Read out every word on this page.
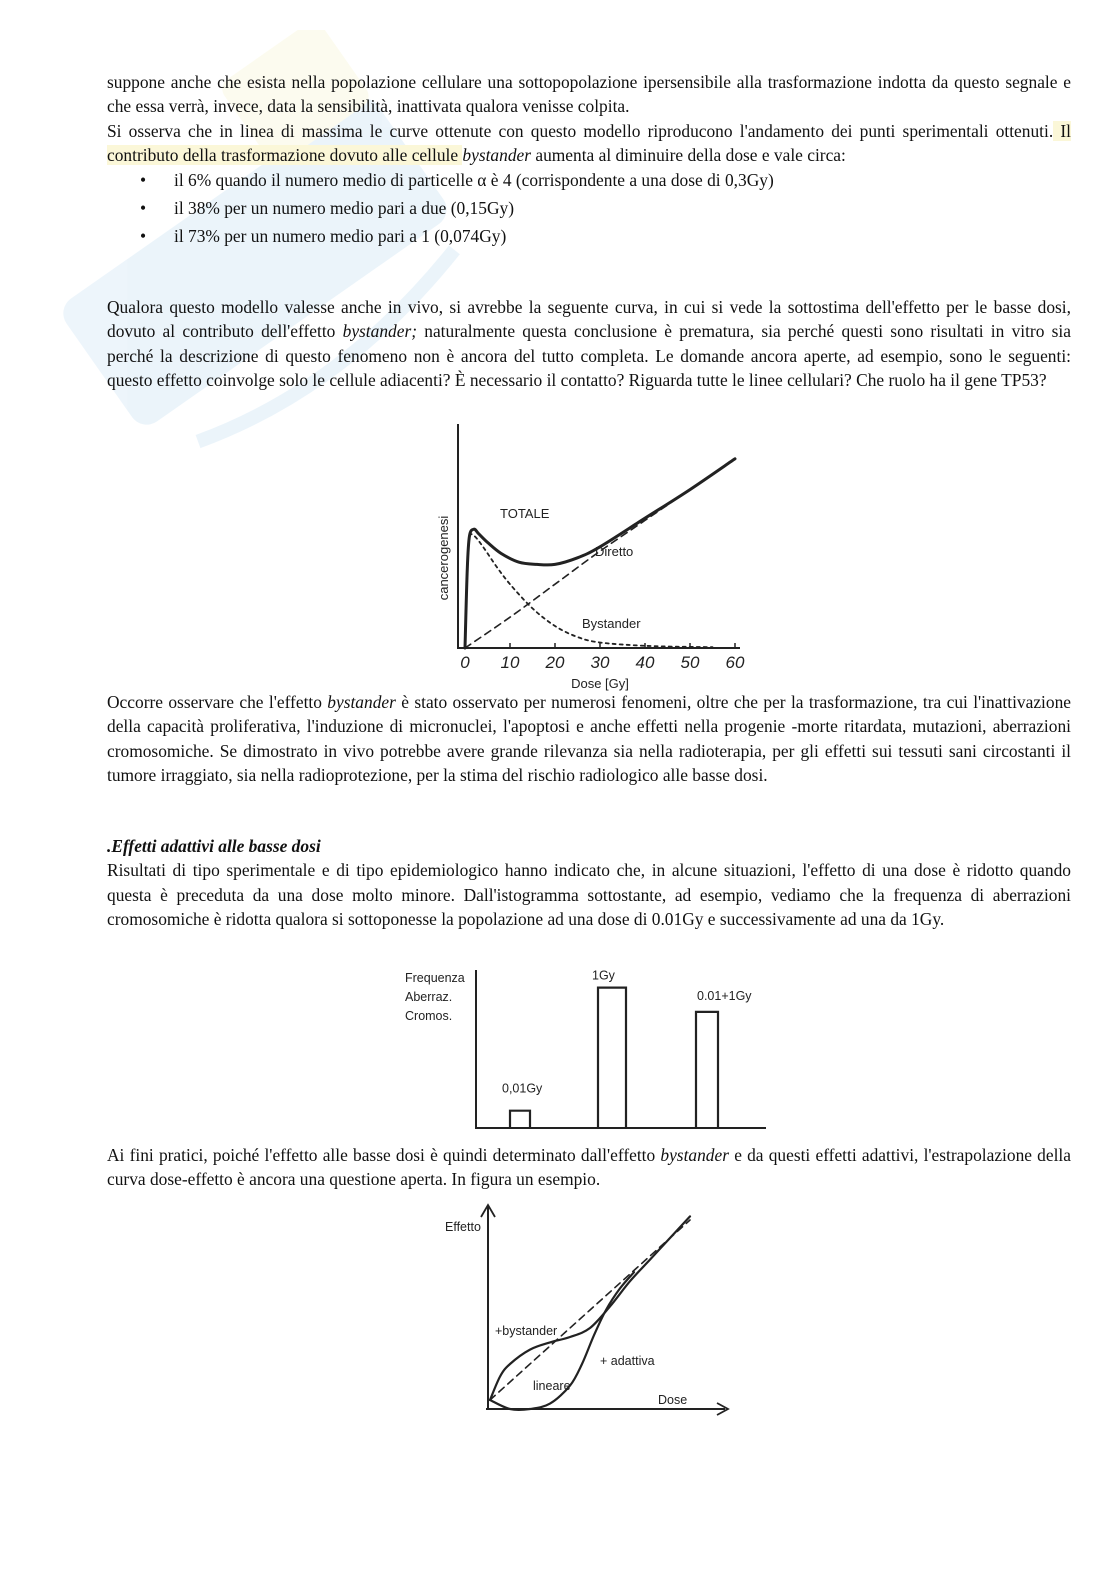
suppone anche che esista nella popolazione cellulare una sottopopolazione ipersensibile alla trasformazione indotta da questo segnale e che essa verrà, invece, data la sensibilità, inattivata qualora venisse colpita.

Si osserva che in linea di massima le curve ottenute con questo modello riproducono l'andamento dei punti sperimentali ottenuti. Il contributo della trasformazione dovuto alle cellule bystander aumenta al diminuire della dose e vale circa:

• il 6% quando il numero medio di particelle α è 4 (corrispondente a una dose di 0,3Gy)
• il 38% per un numero medio pari a due (0,15Gy)
• il 73% per un numero medio pari a 1 (0,074Gy)

Qualora questo modello valesse anche in vivo, si avrebbe la seguente curva, in cui si vede la sottostima dell'effetto per le basse dosi, dovuto al contributo dell'effetto bystander; naturalmente questa conclusione è prematura, sia perché questi sono risultati in vitro sia perché la descrizione di questo fenomeno non è ancora del tutto completa. Le domande ancora aperte, ad esempio, sono le seguenti: questo effetto coinvolge solo le cellule adiacenti? È necessario il contatto? Riguarda tutte le linee cellulari? Che ruolo ha il gene TP53?

0 10 20 30 40 50 60
Dose [Gy]
cancerogenesi
TOTALE
Diretto
Bystander

Occorre osservare che l'effetto bystander è stato osservato per numerosi fenomeni, oltre che per la trasformazione, tra cui l'inattivazione della capacità proliferativa, l'induzione di micronuclei, l'apoptosi e anche effetti nella progenie -morte ritardata, mutazioni, aberrazioni cromosomiche. Se dimostrato in vivo potrebbe avere grande rilevanza sia nella radioterapia, per gli effetti sui tessuti sani circostanti il tumore irraggiato, sia nella radioprotezione, per la stima del rischio radiologico alle basse dosi.

.Effetti adattivi alle basse dosi

Risultati di tipo sperimentale e di tipo epidemiologico hanno indicato che, in alcune situazioni, l'effetto di una dose è ridotto quando questa è preceduta da una dose molto minore. Dall'istogramma sottostante, ad esempio, vediamo che la frequenza di aberrazioni cromosomiche è ridotta qualora si sottoponesse la popolazione ad una dose di 0.01Gy e successivamente ad una da 1Gy.

Frequenza
Aberraz.
Cromos.
0,01Gy
1Gy
0.01+1Gy

Ai fini pratici, poiché l'effetto alle basse dosi è quindi determinato dall'effetto bystander e da questi effetti adattivi, l'estrapolazione della curva dose-effetto è ancora una questione aperta. In figura un esempio.

Effetto
Dose
+bystander
+ adattiva
lineare
